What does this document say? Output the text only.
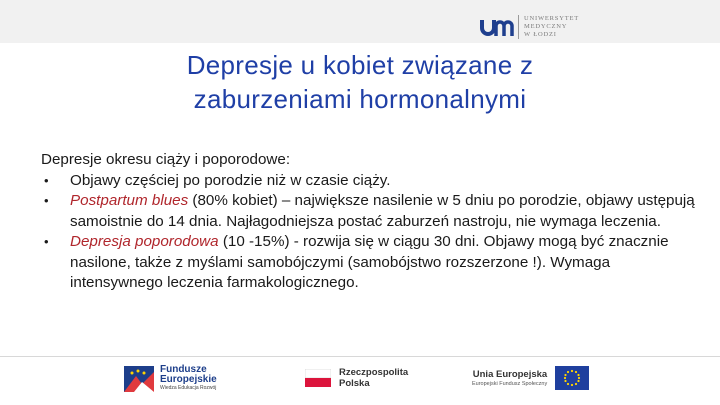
UNIWERSYTET
MEDYCZNY
W ŁODZI
Depresje u kobiet związane z
zaburzeniami hormonalnymi

Depresje okresu ciąży i poporodowe:

• Objawy częściej po porodzie niż w czasie ciąży.
• Postpartum blues (80% kobiet) – największe nasilenie w 5 dniu po porodzie, objawy ustępują samoistnie do 14 dnia. Najłagodniejsza postać zaburzeń nastroju, nie wymaga leczenia.
• Depresja poporodowa (10 -15%) - rozwija się w ciągu 30 dni. Objawy mogą być znacznie nasilone, także z myślami samobójczymi (samobójstwo rozszerzone !). Wymaga intensywnego leczenia farmakologicznego.
Fundusze
Europejskie
Wiedza Edukacja Rozwój
Rzeczpospolita
Polska
Unia Europejska
Europejski Fundusz Społeczny
